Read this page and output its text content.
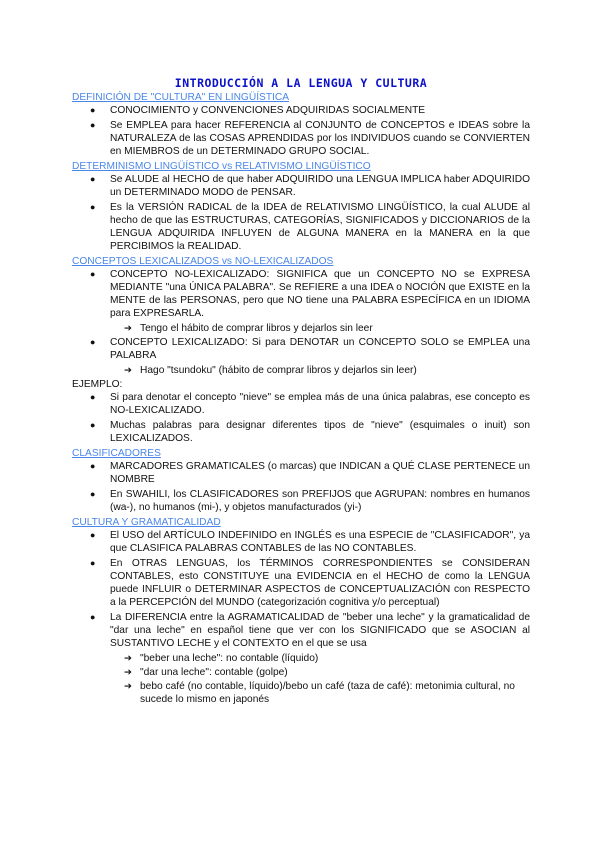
INTRODUCCIÓN A LA LENGUA Y CULTURA

DEFINICIÓN DE "CULTURA" EN LINGÜÍSTICA

● CONOCIMIENTO y CONVENCIONES ADQUIRIDAS SOCIALMENTE
● Se EMPLEA para hacer REFERENCIA al CONJUNTO de CONCEPTOS e IDEAS sobre la NATURALEZA de las COSAS APRENDIDAS por los INDIVIDUOS cuando se CONVIERTEN en MIEMBROS de un DETERMINADO GRUPO SOCIAL.

DETERMINISMO LINGÜÍSTICO vs RELATIVISMO LINGÜÍSTICO

● Se ALUDE al HECHO de que haber ADQUIRIDO una LENGUA IMPLICA haber ADQUIRIDO un DETERMINADO MODO de PENSAR.
● Es la VERSIÓN RADICAL de la IDEA de RELATIVISMO LINGÜÍSTICO, la cual ALUDE al hecho de que las ESTRUCTURAS, CATEGORÍAS, SIGNIFICADOS y DICCIONARIOS de la LENGUA ADQUIRIDA INFLUYEN de ALGUNA MANERA en la MANERA en la que PERCIBIMOS la REALIDAD.

CONCEPTOS LEXICALIZADOS vs NO-LEXICALIZADOS

● CONCEPTO NO-LEXICALIZADO: SIGNIFICA que un CONCEPTO NO se EXPRESA MEDIANTE "una ÚNICA PALABRA". Se REFIERE a una IDEA o NOCIÓN que EXISTE en la MENTE de las PERSONAS, pero que NO tiene una PALABRA ESPECÍFICA en un IDIOMA para EXPRESARLA.
➔ Tengo el hábito de comprar libros y dejarlos sin leer
● CONCEPTO LEXICALIZADO: Si para DENOTAR un CONCEPTO SOLO se EMPLEA una PALABRA
➔ Hago "tsundoku" (hábito de comprar libros y dejarlos sin leer)

EJEMPLO:

● Si para denotar el concepto "nieve" se emplea más de una única palabras, ese concepto es NO-LEXICALIZADO.
● Muchas palabras para designar diferentes tipos de "nieve" (esquimales o inuit) son LEXICALIZADOS.

CLASIFICADORES

● MARCADORES GRAMATICALES (o marcas) que INDICAN a QUÉ CLASE PERTENECE un NOMBRE
● En SWAHILI, los CLASIFICADORES son PREFIJOS que AGRUPAN: nombres en humanos (wa-), no humanos (mi-), y objetos manufacturados (yi-)

CULTURA Y GRAMATICALIDAD

● El USO del ARTÍCULO INDEFINIDO en INGLÉS es una ESPECIE de "CLASIFICADOR", ya que CLASIFICA PALABRAS CONTABLES de las NO CONTABLES.
● En OTRAS LENGUAS, los TÉRMINOS CORRESPONDIENTES se CONSIDERAN CONTABLES, esto CONSTITUYE una EVIDENCIA en el HECHO de como la LENGUA puede INFLUIR o DETERMINAR ASPECTOS de CONCEPTUALIZACIÓN con RESPECTO a la PERCEPCIÓN del MUNDO (categorización cognitiva y/o perceptual)
● La DIFERENCIA entre la AGRAMATICALIDAD de "beber una leche" y la gramaticalidad de "dar una leche" en español tiene que ver con los SIGNIFICADO que se ASOCIAN al SUSTANTIVO LECHE y el CONTEXTO en el que se usa
➔ "beber una leche": no contable (líquido)
➔ "dar una leche": contable (golpe)
➔ bebo café (no contable, líquido)/bebo un café (taza de café): metonimia cultural, no sucede lo mismo en japonés
